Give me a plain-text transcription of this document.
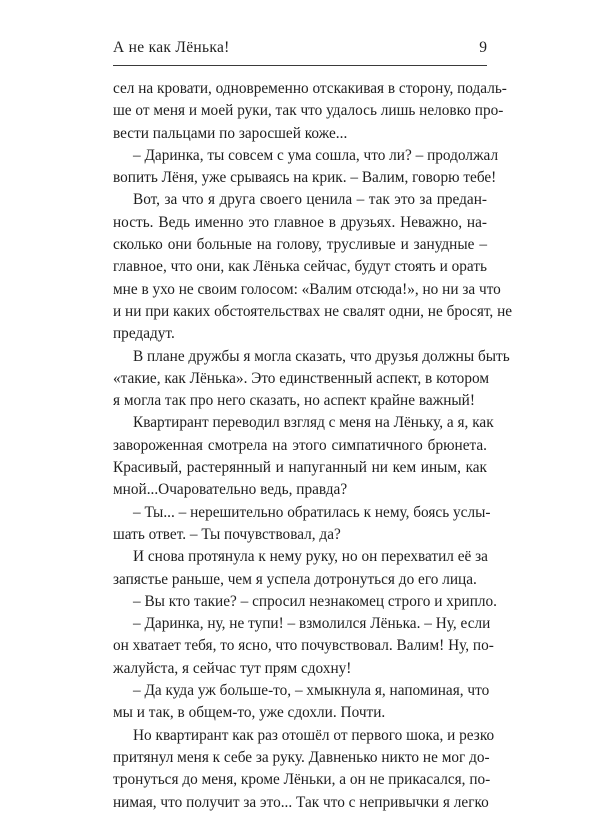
А не как Лёнька!	9
сел на кровати, одновременно отскакивая в сторону, подаль-
ше от меня и моей руки, так что удалось лишь неловко про-
вести пальцами по заросшей коже...
– Даринка, ты совсем с ума сошла, что ли? – продолжал
вопить Лёня, уже срываясь на крик. – Валим, говорю тебе!
Вот, за что я друга своего ценила – так это за предан-
ность. Ведь именно это главное в друзьях. Неважно, на-
сколько они больные на голову, трусливые и занудные –
главное, что они, как Лёнька сейчас, будут стоять и орать
мне в ухо не своим голосом: «Валим отсюда!», но ни за что
и ни при каких обстоятельствах не свалят одни, не бросят, не
предадут.
В плане дружбы я могла сказать, что друзья должны быть
«такие, как Лёнька». Это единственный аспект, в котором
я могла так про него сказать, но аспект крайне важный!
Квартирант переводил взгляд с меня на Лёньку, а я, как
завороженная смотрела на этого симпатичного брюнета.
Красивый, растерянный и напуганный ни кем иным, как
мной...Очаровательно ведь, правда?
– Ты... – нерешительно обратилась к нему, боясь услы-
шать ответ. – Ты почувствовал, да?
И снова протянула к нему руку, но он перехватил её за
запястье раньше, чем я успела дотронуться до его лица.
– Вы кто такие? – спросил незнакомец строго и хрипло.
– Даринка, ну, не тупи! – взмолился Лёнька. – Ну, если
он хватает тебя, то ясно, что почувствовал. Валим! Ну, по-
жалуйста, я сейчас тут прям сдохну!
– Да куда уж больше-то, – хмыкнула я, напоминая, что
мы и так, в общем-то, уже сдохли. Почти.
Но квартирант как раз отошёл от первого шока, и резко
притянул меня к себе за руку. Давненько никто не мог до-
тронуться до меня, кроме Лёньки, а он не прикасался, по-
нимая, что получит за это... Так что с непривычки я легко
